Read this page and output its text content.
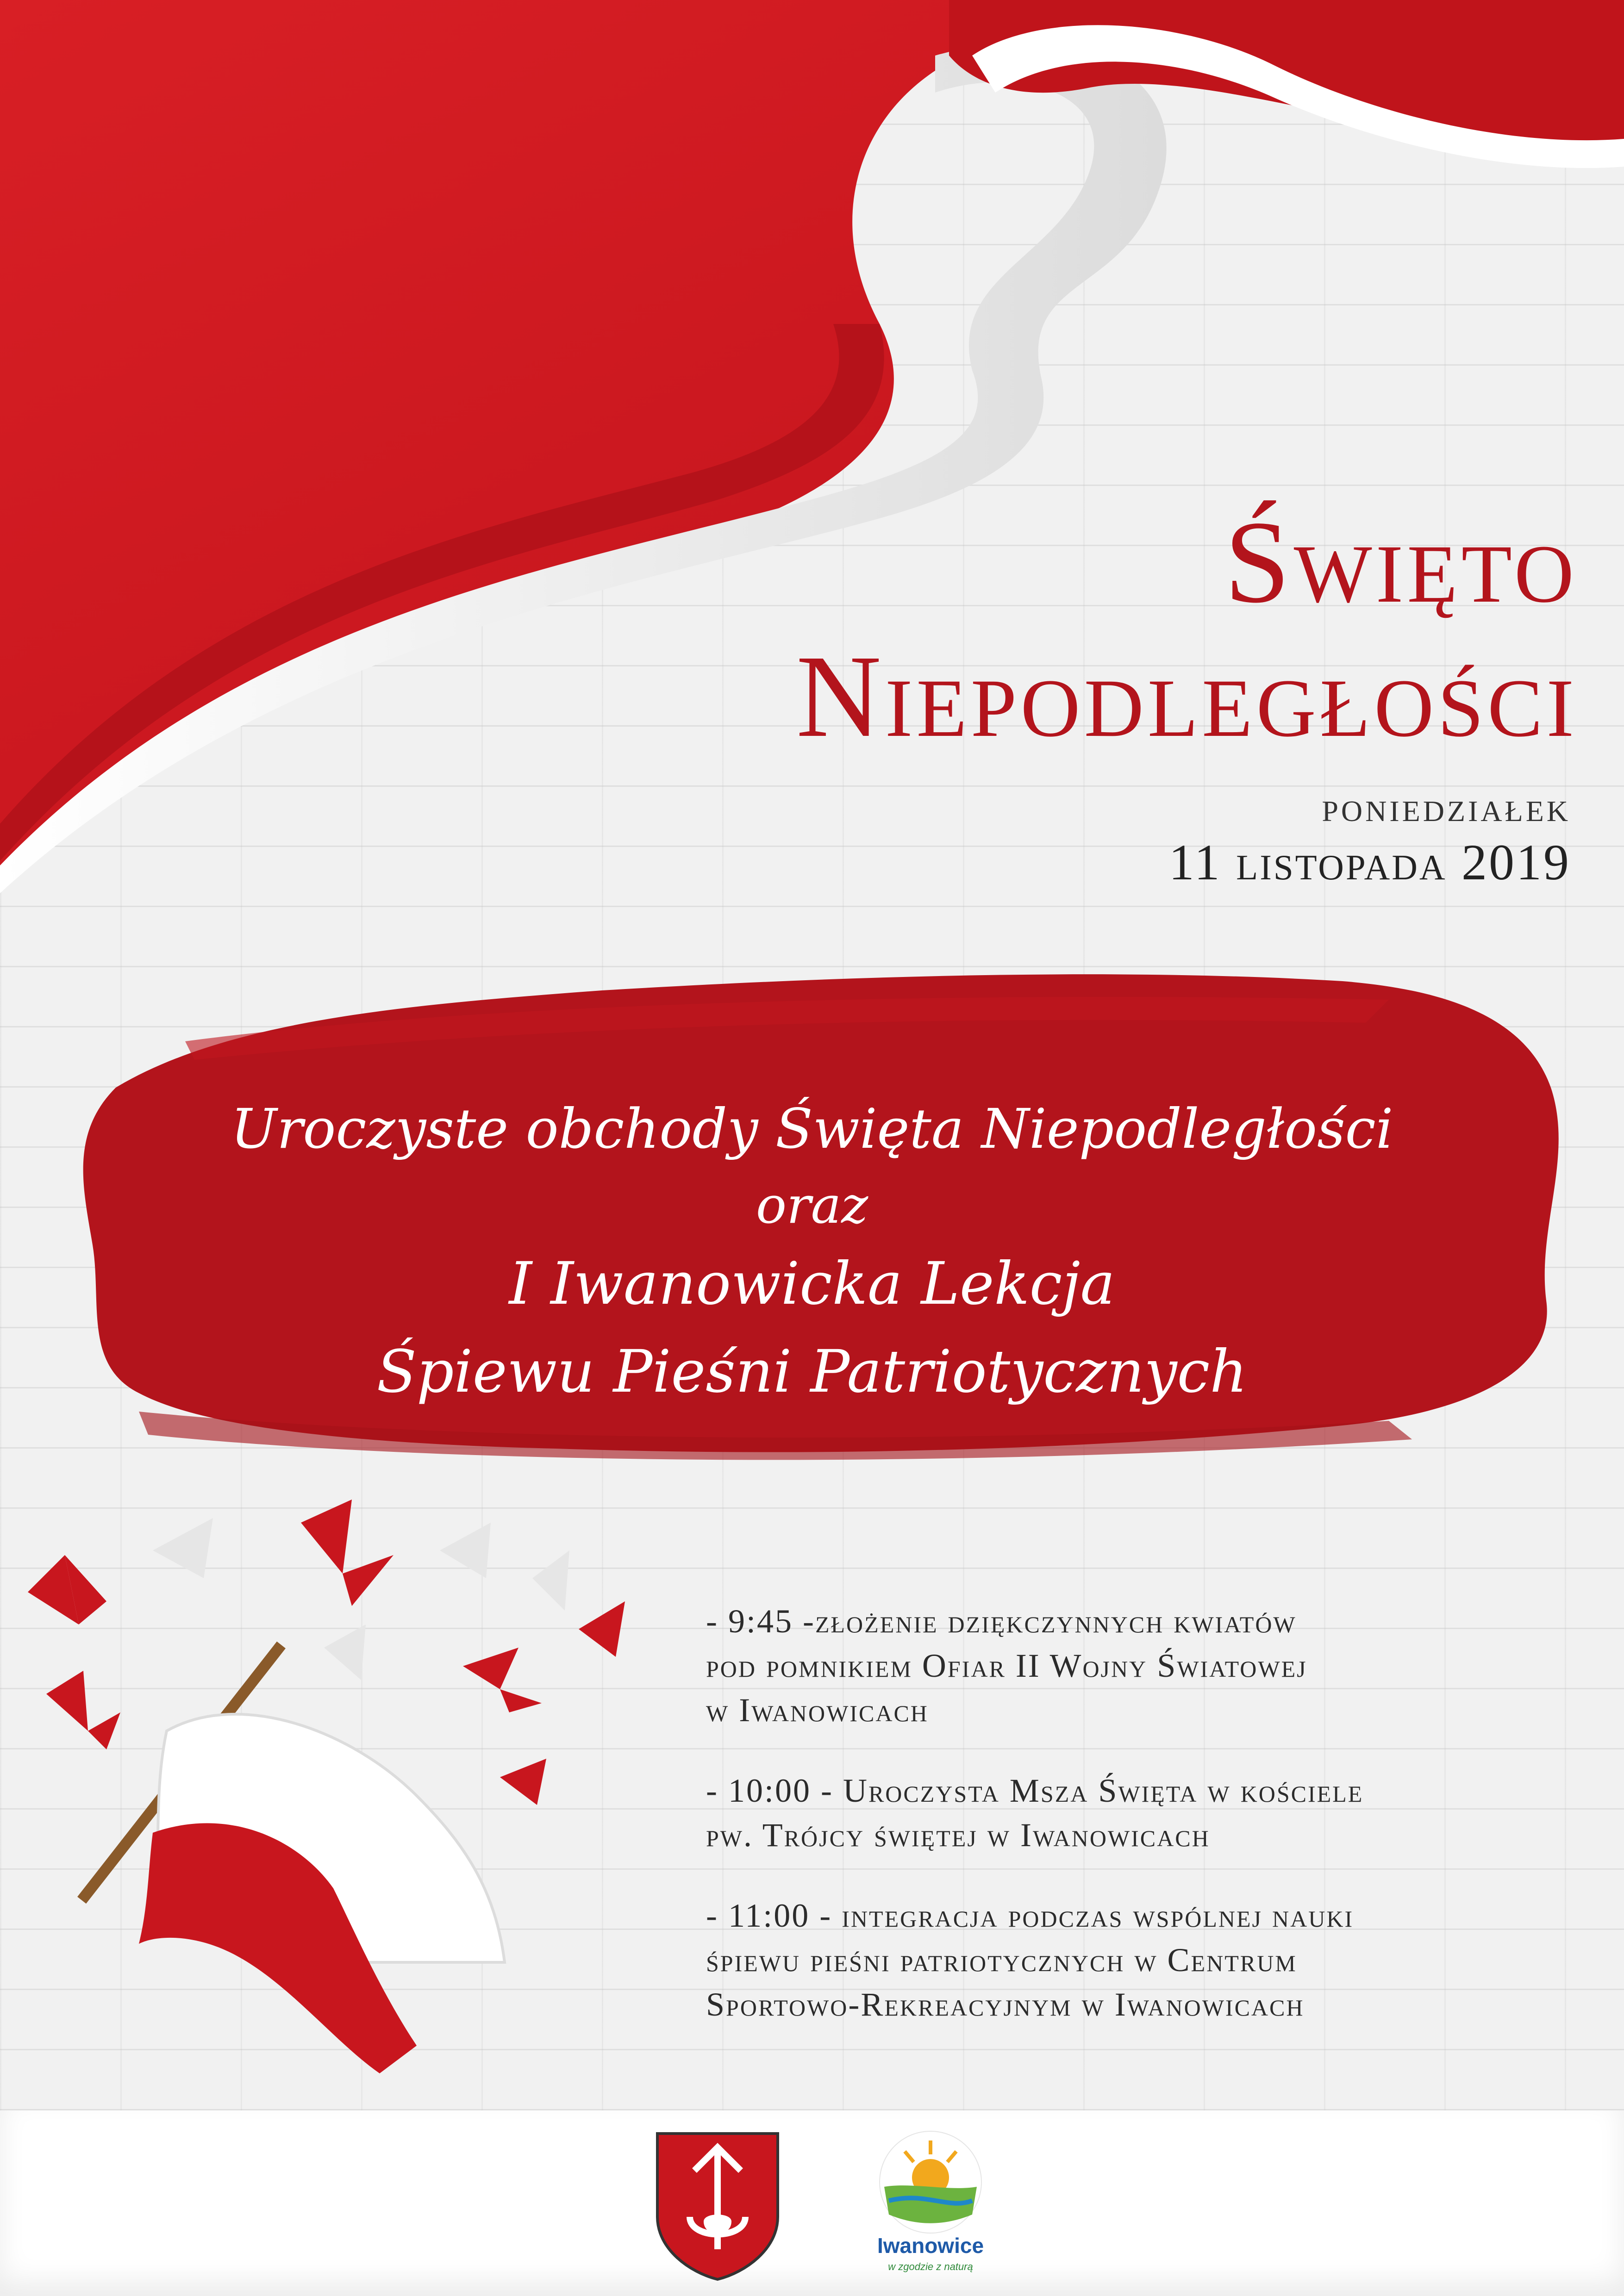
Święto
Niepodległości
poniedziałek
11 listopada 2019
Uroczyste obchody Święta Niepodległości
oraz
I Iwanowicka Lekcja
Śpiewu Pieśni Patriotycznych
- 9:45 -złożenie dziękczynnych kwiatów
pod pomnikiem Ofiar II Wojny Światowej
w Iwanowicach
- 10:00 - Uroczysta Msza Święta w kościele
pw. Trójcy świętej w Iwanowicach
- 11:00 - integracja podczas wspólnej nauki
śpiewu pieśni patriotycznych w Centrum
Sportowo-Rekreacyjnym w Iwanowicach
Iwanowice
w zgodzie z naturą
